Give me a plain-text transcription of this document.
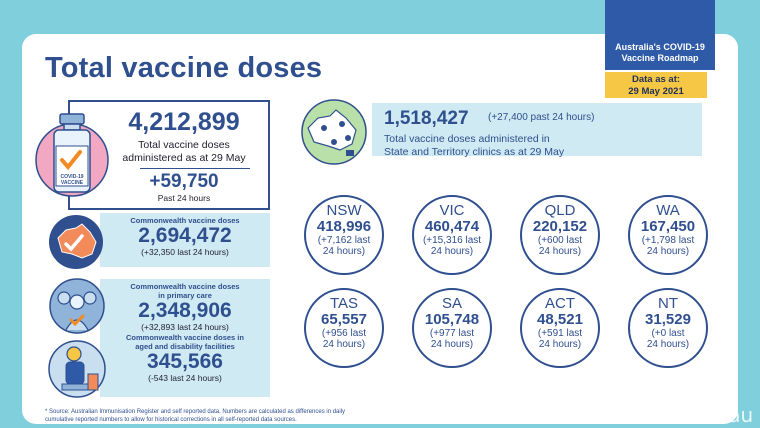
Total vaccine doses
Australia's COVID-19
Vaccine Roadmap
Data as at:
29 May 2021
4,212,899
Total vaccine doses
administered as at 29 May
+59,750
Past 24 hours
COVID-19
VACCINE
Commonwealth vaccine doses
2,694,472
(+32,350 last 24 hours)
Commonwealth vaccine doses
in primary care
2,348,906
(+32,893 last 24 hours)
Commonwealth vaccine doses in
aged and disability facilities
345,566
(-543 last 24 hours)
1,518,427 (+27,400 past 24 hours)
Total vaccine doses administered in
State and Territory clinics as at 29 May
NSW
418,996
(+7,162 last
24 hours)
VIC
460,474
(+15,316 last
24 hours)
QLD
220,152
(+600 last
24 hours)
WA
167,450
(+1,798 last
24 hours)
TAS
65,557
(+956 last
24 hours)
SA
105,748
(+977 last
24 hours)
ACT
48,521
(+591 last
24 hours)
NT
31,529
(+0 last
24 hours)
* Source: Australian Immunisation Register and self reported data. Numbers are calculated as differences in daily
cumulative reported numbers to allow for historical corrections in all self-reported data sources.	Chi na2au
